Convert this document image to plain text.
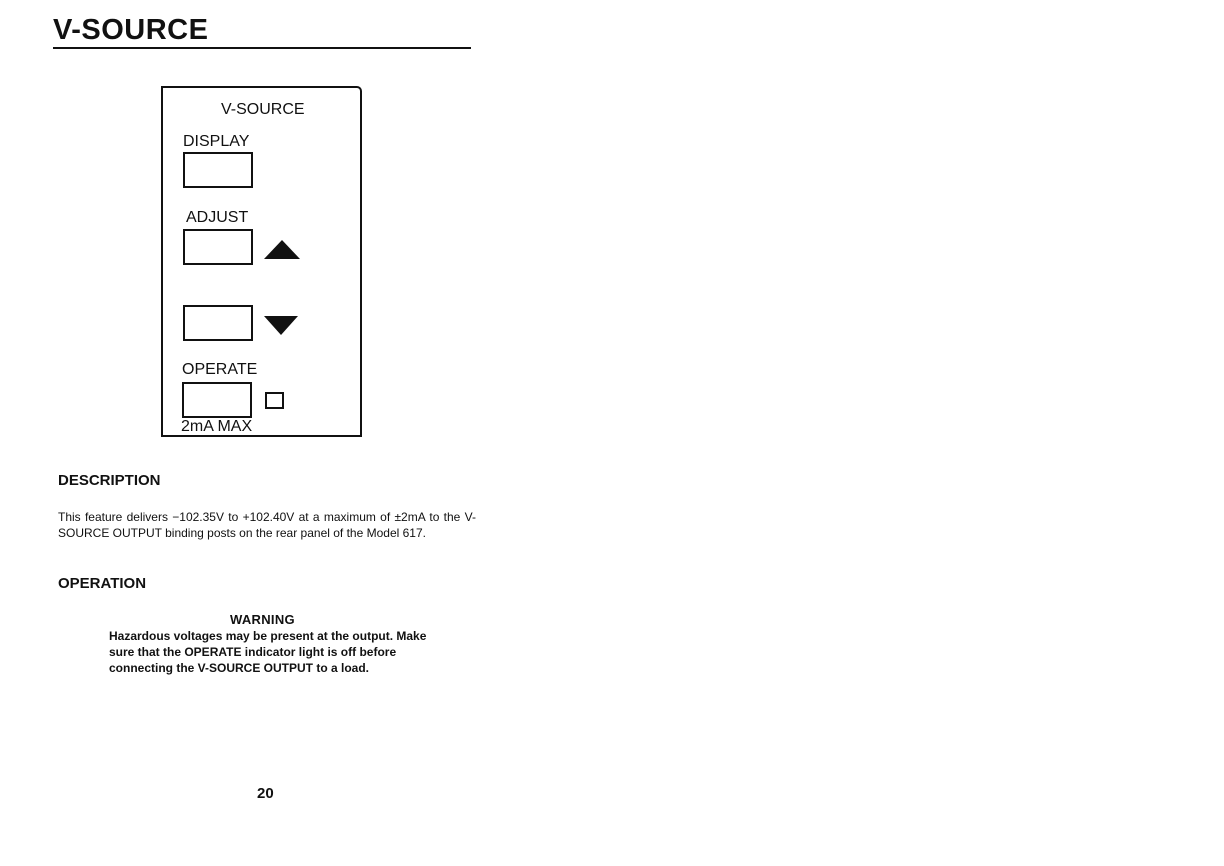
V-SOURCE
V-SOURCE
DISPLAY
ADJUST
OPERATE
2mA MAX
DESCRIPTION
This feature delivers −102.35V to +102.40V at a maximum of ±2mA to the V-SOURCE OUTPUT binding posts on the rear panel of the Model 617.
OPERATION
WARNING
Hazardous voltages may be present at the output. Make sure that the OPERATE indicator light is off before connecting the V-SOURCE OUTPUT to a load.
20
